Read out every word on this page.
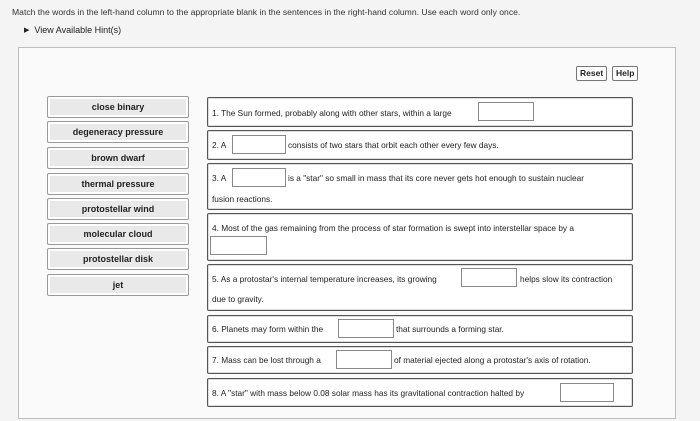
Match the words in the left-hand column to the appropriate blank in the sentences in the right-hand column. Use each word only once.
▶ View Available Hint(s)
Reset	Help
close binary
degeneracy pressure
brown dwarf
thermal pressure
protostellar wind
molecular cloud
protostellar disk
jet
1. The Sun formed, probably along with other stars, within a large
2. A	consists of two stars that orbit each other every few days.
3. A	is a "star" so small in mass that its core never gets hot enough to sustain nuclear
fusion reactions.
4. Most of the gas remaining from the process of star formation is swept into interstellar space by a
5. As a protostar's internal temperature increases, its growing	helps slow its contraction
due to gravity.
6. Planets may form within the	that surrounds a forming star.
7. Mass can be lost through a	of material ejected along a protostar's axis of rotation.
8. A "star" with mass below 0.08 solar mass has its gravitational contraction halted by
